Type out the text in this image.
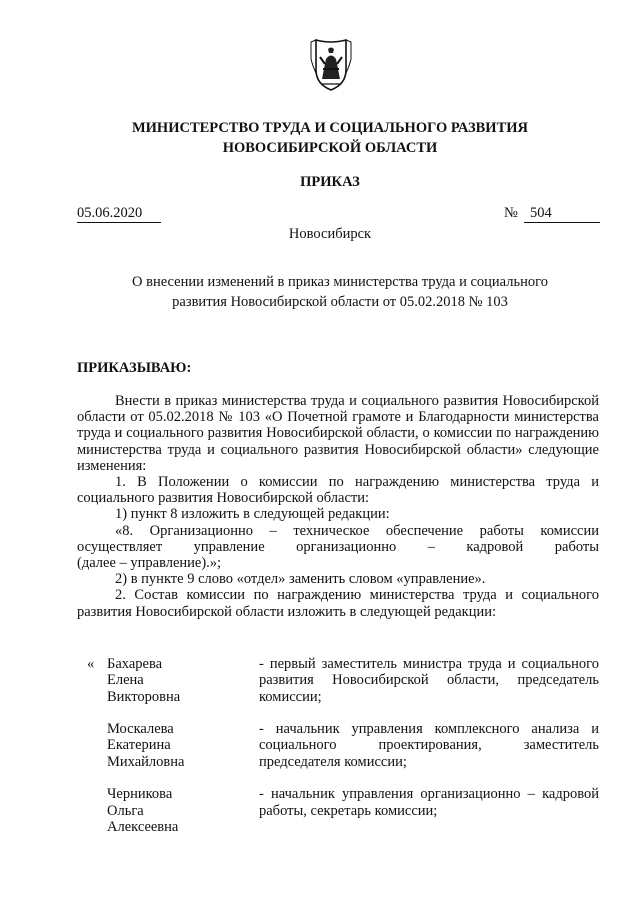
МИНИСТЕРСТВО ТРУДА И СОЦИАЛЬНОГО РАЗВИТИЯ
НОВОСИБИРСКОЙ ОБЛАСТИ
ПРИКАЗ
05.06.2020	№ 504
Новосибирск
О внесении изменений в приказ министерства труда и социального
развития Новосибирской области от 05.02.2018 № 103
ПРИКАЗЫВАЮ:

Внести в приказ министерства труда и социального развития Новосибирской области от 05.02.2018 № 103 «О Почетной грамоте и Благодарности министерства труда и социального развития Новосибирской области, о комиссии по награждению министерства труда и социального развития Новосибирской области» следующие изменения:

1. В Положении о комиссии по награждению министерства труда и социального развития Новосибирской области:

1) пункт 8 изложить в следующей редакции:

«8. Организационно – техническое обеспечение работы комиссии осуществляет управление организационно – кадровой работы

(далее – управление).»;

2) в пункте 9 слово «отдел» заменить словом «управление».

2. Состав комиссии по награждению министерства труда и социального развития Новосибирской области изложить в следующей редакции:

« Бахарева
Елена
Викторовна
- первый заместитель министра труда и социального развития Новосибирской области, председатель комиссии;
Москалева
Екатерина
Михайловна
- начальник управления комплексного анализа и социального проектирования, заместитель председателя комиссии;
Черникова
Ольга
Алексеевна
- начальник управления организационно – кадровой работы, секретарь комиссии;
